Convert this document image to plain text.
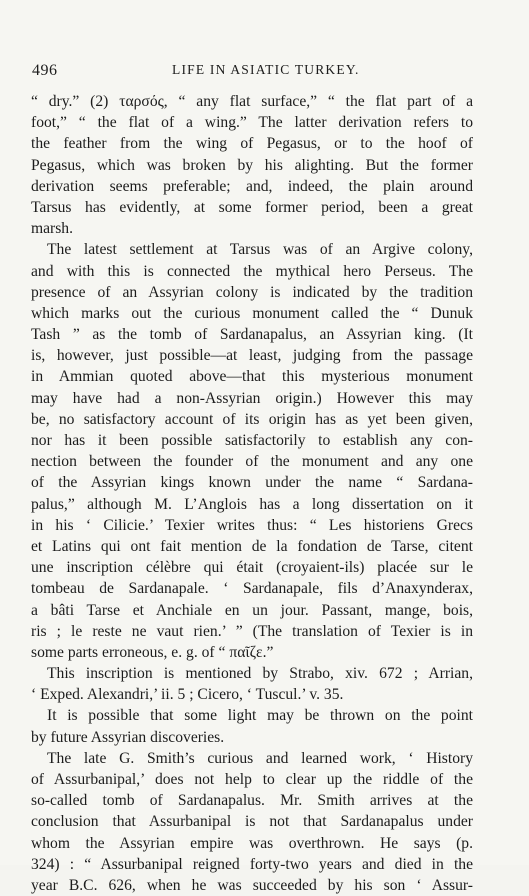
496	LIFE IN ASIATIC TURKEY.
“ dry.” (2) ταρσός, “ any flat surface,” “ the flat part of a
foot,” “ the flat of a wing.” The latter derivation refers to
the feather from the wing of Pegasus, or to the hoof of
Pegasus, which was broken by his alighting. But the former
derivation seems preferable; and, indeed, the plain around
Tarsus has evidently, at some former period, been a great
marsh.
The latest settlement at Tarsus was of an Argive colony,
and with this is connected the mythical hero Perseus. The
presence of an Assyrian colony is indicated by the tradition
which marks out the curious monument called the “ Dunuk
Tash ” as the tomb of Sardanapalus, an Assyrian king. (It
is, however, just possible—at least, judging from the passage
in Ammian quoted above—that this mysterious monument
may have had a non-Assyrian origin.) However this may
be, no satisfactory account of its origin has as yet been given,
nor has it been possible satisfactorily to establish any con-
nection between the founder of the monument and any one
of the Assyrian kings known under the name “ Sardana-
palus,” although M. L’Anglois has a long dissertation on it
in his ‘ Cilicie.’ Texier writes thus: “ Les historiens Grecs
et Latins qui ont fait mention de la fondation de Tarse, citent
une inscription célèbre qui était (croyaient-ils) placée sur le
tombeau de Sardanapale. ‘ Sardanapale, fils d’Anaxynderax,
a bâti Tarse et Anchiale en un jour. Passant, mange, bois,
ris ; le reste ne vaut rien.’ ” (The translation of Texier is in
some parts erroneous, e. g. of “ παῖζε.”
This inscription is mentioned by Strabo, xiv. 672 ; Arrian,
‘ Exped. Alexandri,’ ii. 5 ; Cicero, ‘ Tuscul.’ v. 35.
It is possible that some light may be thrown on the point
by future Assyrian discoveries.
The late G. Smith’s curious and learned work, ‘ History
of Assurbanipal,’ does not help to clear up the riddle of the
so-called tomb of Sardanapalus. Mr. Smith arrives at the
conclusion that Assurbanipal is not that Sardanapalus under
whom the Assyrian empire was overthrown. He says (p.
324) : “ Assurbanipal reigned forty-two years and died in the
year B.C. 626, when he was succeeded by his son ‘ Assur-
